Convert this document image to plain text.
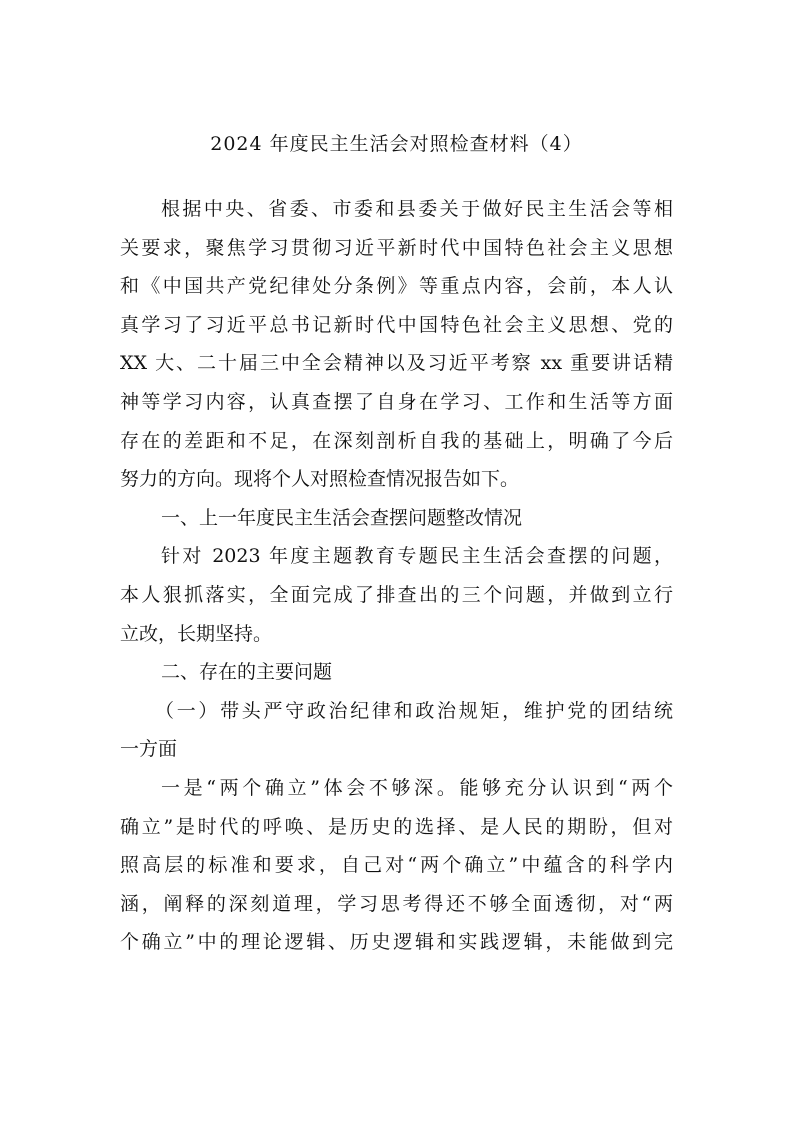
2024 年度民主生活会对照检查材料（4）
根据中央、省委、市委和县委关于做好民主生活会等相
关要求，聚焦学习贯彻习近平新时代中国特色社会主义思想
和《中国共产党纪律处分条例》等重点内容，会前，本人认
真学习了习近平总书记新时代中国特色社会主义思想、党的
XX 大、二十届三中全会精神以及习近平考察 xx 重要讲话精
神等学习内容，认真查摆了自身在学习、工作和生活等方面
存在的差距和不足，在深刻剖析自我的基础上，明确了今后
努力的方向。现将个人对照检查情况报告如下。
一、上一年度民主生活会查摆问题整改情况
针对 2023 年度主题教育专题民主生活会查摆的问题，
本人狠抓落实，全面完成了排查出的三个问题，并做到立行
立改，长期坚持。
二、存在的主要问题
（一）带头严守政治纪律和政治规矩，维护党的团结统
一方面
一是“两个确立”体会不够深。能够充分认识到“两个
确立”是时代的呼唤、是历史的选择、是人民的期盼，但对
照高层的标准和要求，自己对“两个确立”中蕴含的科学内
涵，阐释的深刻道理，学习思考得还不够全面透彻，对“两
个确立”中的理论逻辑、历史逻辑和实践逻辑，未能做到完
